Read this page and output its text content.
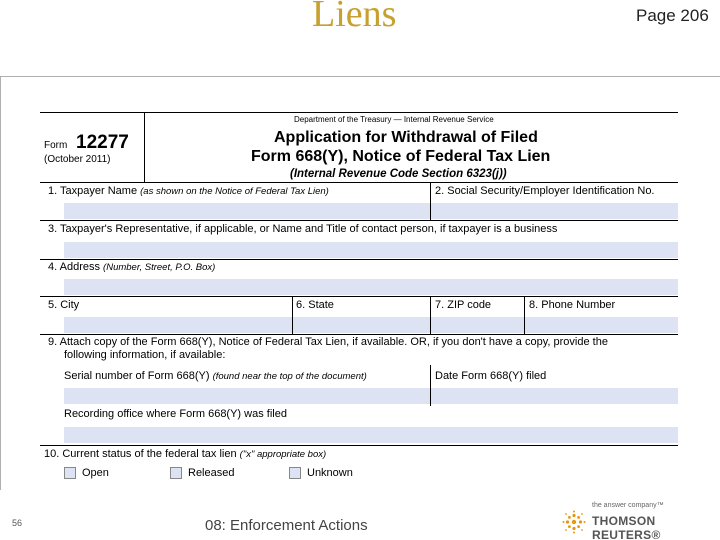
Liens	Page 206
Department of the Treasury — Internal Revenue Service
Form 12277
(October 2011)
Application for Withdrawal of Filed
Form 668(Y), Notice of Federal Tax Lien
(Internal Revenue Code Section 6323(j))
1. Taxpayer Name (as shown on the Notice of Federal Tax Lien)	2. Social Security/Employer Identification No.
3. Taxpayer's Representative, if applicable, or Name and Title of contact person, if taxpayer is a business
4. Address (Number, Street, P.O. Box)
5. City	6. State	7. ZIP code	8. Phone Number
9. Attach copy of the Form 668(Y), Notice of Federal Tax Lien, if available. OR, if you don't have a copy, provide the
following information, if available:
Serial number of Form 668(Y) (found near the top of the document)	Date Form 668(Y) filed
Recording office where Form 668(Y) was filed
10. Current status of the federal tax lien ("x" appropriate box)
Open	Released	Unknown
56	08: Enforcement Actions
the answer company™
THOMSON REUTERS®
